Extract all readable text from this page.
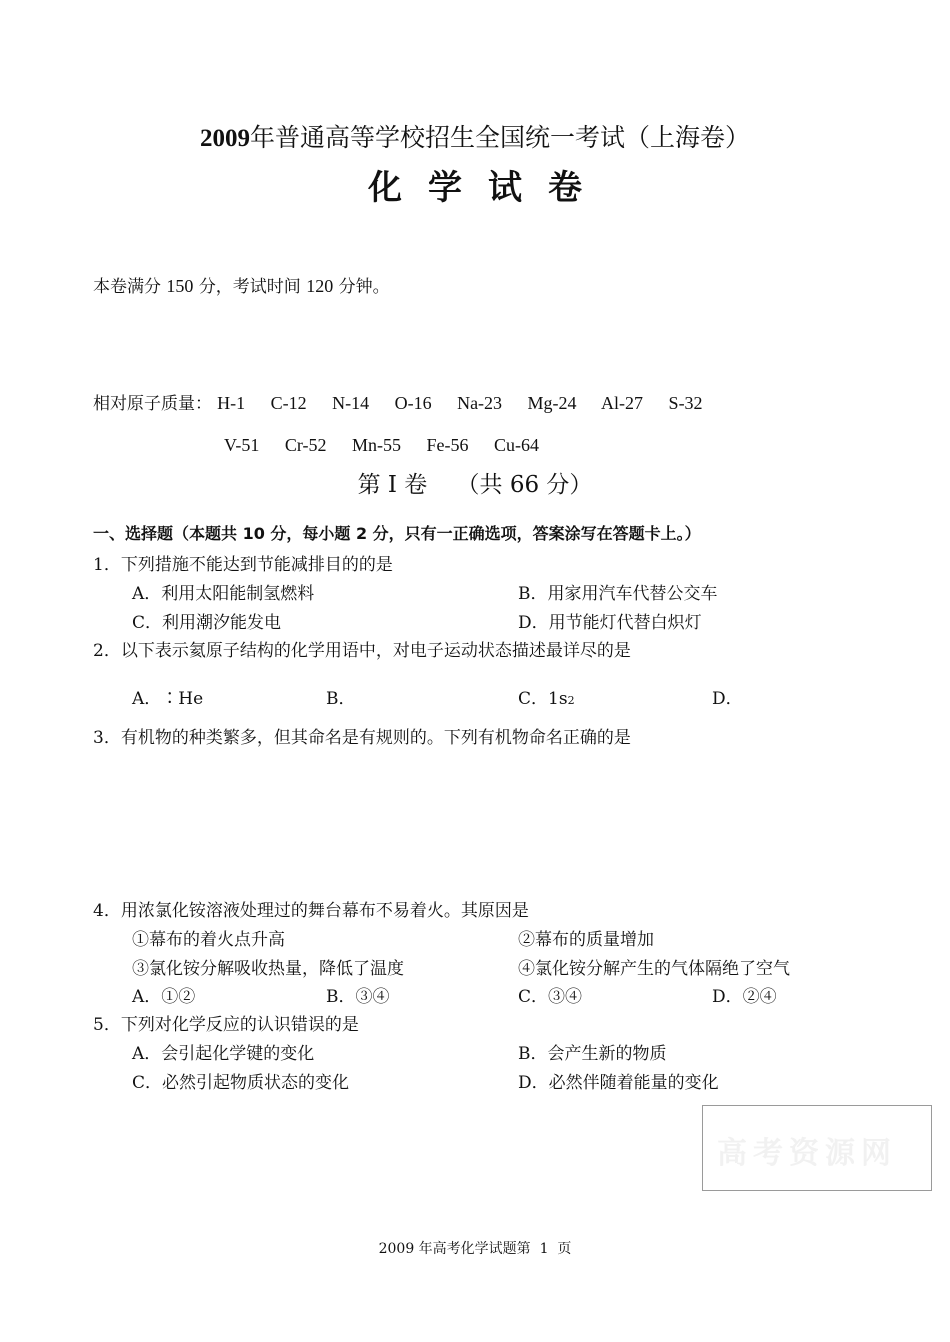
2009年普通高等学校招生全国统一考试（上海卷）
化学试卷
本卷满分 150 分，考试时间 120 分钟。
相对原子质量： H-1   C-12   N-14   O-16   Na-23   Mg-24   Al-27   S-32
V-51   Cr-52   Mn-55   Fe-56   Cu-64
第 I 卷    （共 66 分）
一、选择题（本题共 10 分，每小题 2 分，只有一正确选项，答案涂写在答题卡上。）
1．下列措施不能达到节能减排目的的是
A．利用太阳能制氢燃料	B．用家用汽车代替公交车
C．利用潮汐能发电	D．用节能灯代替白炽灯
2．以下表示氦原子结构的化学用语中，对电子运动状态描述最详尽的是
A．∶He	B．	C．1s2	D．
3．有机物的种类繁多，但其命名是有规则的。下列有机物命名正确的是
4．用浓氯化铵溶液处理过的舞台幕布不易着火。其原因是
①幕布的着火点升高	②幕布的质量增加
③氯化铵分解吸收热量，降低了温度	④氯化铵分解产生的气体隔绝了空气
A．①②	B．③④	C．③④	D．②④
5．下列对化学反应的认识错误的是
A．会引起化学键的变化	B．会产生新的物质
C．必然引起物质状态的变化	D．必然伴随着能量的变化
高考资源网
2009 年高考化学试题第  1  页
